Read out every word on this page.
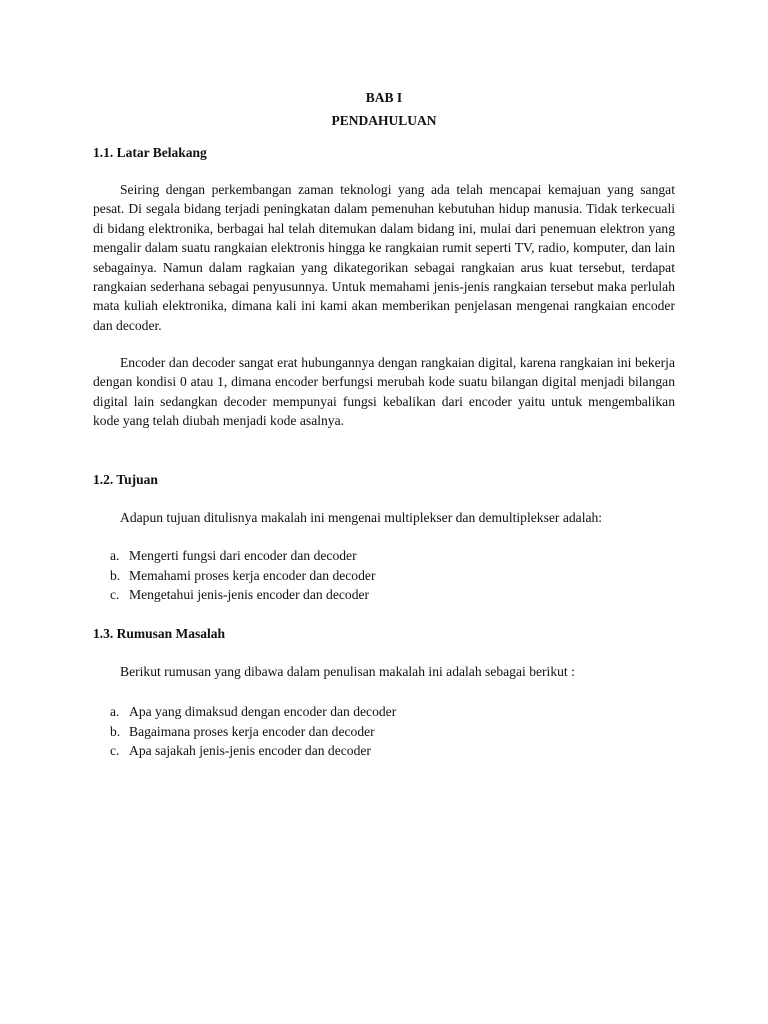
BAB I
PENDAHULUAN
1.1. Latar Belakang

Seiring dengan perkembangan zaman teknologi yang ada telah mencapai kemajuan yang sangat pesat. Di segala bidang terjadi peningkatan dalam pemenuhan kebutuhan hidup manusia. Tidak terkecuali di bidang elektronika, berbagai hal telah ditemukan dalam bidang ini, mulai dari penemuan elektron yang mengalir dalam suatu rangkaian elektronis hingga ke rangkaian rumit seperti TV, radio, komputer, dan lain sebagainya. Namun dalam ragkaian yang dikategorikan sebagai rangkaian arus kuat tersebut, terdapat rangkaian sederhana sebagai penyusunnya. Untuk memahami jenis-jenis rangkaian tersebut maka perlulah mata kuliah elektronika, dimana kali ini kami akan memberikan penjelasan mengenai rangkaian encoder dan decoder.

Encoder dan decoder sangat erat hubungannya dengan rangkaian digital, karena rangkaian ini bekerja dengan kondisi 0 atau 1, dimana encoder berfungsi merubah kode suatu bilangan digital menjadi bilangan digital lain sedangkan decoder mempunyai fungsi kebalikan dari encoder yaitu untuk mengembalikan kode yang telah diubah menjadi kode asalnya.

1.2. Tujuan

Adapun tujuan ditulisnya makalah ini mengenai multiplekser dan demultiplekser adalah:

a. Mengerti fungsi dari encoder dan decoder
b. Memahami proses kerja encoder dan decoder
c. Mengetahui jenis-jenis encoder dan decoder
1.3. Rumusan Masalah

Berikut rumusan yang dibawa dalam penulisan makalah ini adalah sebagai berikut :

a. Apa yang dimaksud dengan encoder dan decoder
b. Bagaimana proses kerja encoder dan decoder
c. Apa sajakah jenis-jenis encoder dan decoder
